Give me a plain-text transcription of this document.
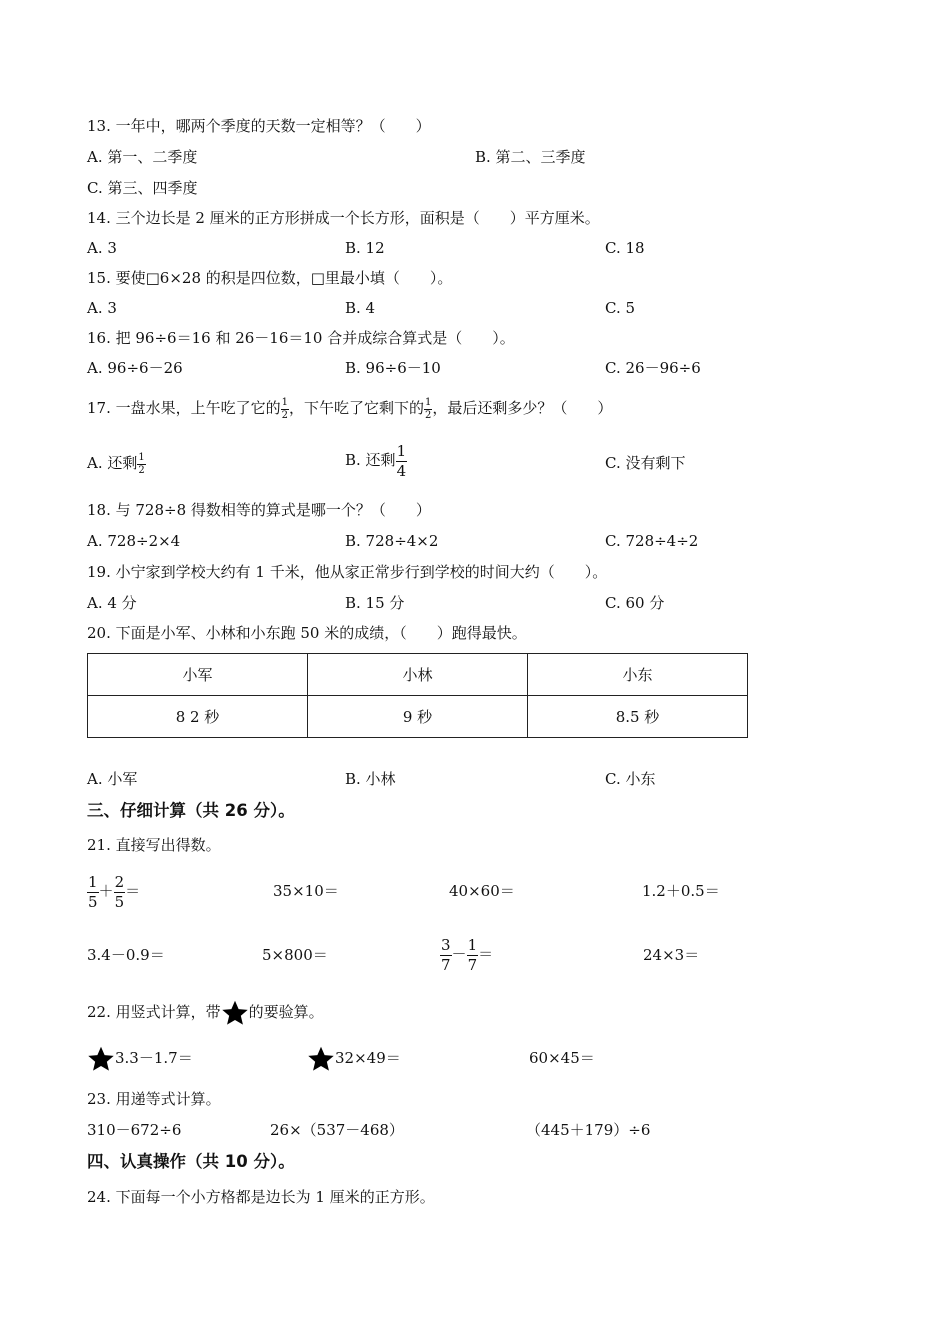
13. 一年中，哪两个季度的天数一定相等？（　　）
A. 第一、二季度	B. 第二、三季度
C. 第三、四季度
14. 三个边长是 2 厘米的正方形拼成一个长方形，面积是（　　）平方厘米。
A. 3	B. 12	C. 18
15. 要使□6×28 的积是四位数，□里最小填（　　）。
A. 3	B. 4	C. 5
16. 把 96÷6＝16 和 26－16＝10 合并成综合算式是（　　）。
A. 96÷6－26	B. 96÷6－10	C. 26－96÷6
17. 一盘水果，上午吃了它的 $\frac{1}{2}$ ，下午吃了它剩下的 $\frac{1}{2}$ ，最后还剩多少？（　　）
A. 还剩 $\frac{1}{2}$	B. 还剩 $\frac{1}{4}$	C. 没有剩下
18. 与 728÷8 得数相等的算式是哪一个？（　　）
A. 728÷2×4	B. 728÷4×2	C. 728÷4÷2
19. 小宁家到学校大约有 1 千米，他从家正常步行到学校的时间大约（　　）。
A. 4 分	B. 15 分	C. 60 分
20. 下面是小军、小林和小东跑 50 米的成绩，（　　）跑得最快。
小军	小林	小东
8 2 秒	9 秒	8.5 秒
A. 小军	B. 小林	C. 小东
三、仔细计算（共 26 分）。
21. 直接写出得数。
$\frac{1}{5} + \frac{2}{5}$ ＝	35×10＝	40×60＝	1.2＋0.5＝
3.4－0.9＝	5×800＝	$\frac{3}{7} - \frac{1}{7}$ ＝	24×3＝
22. 用竖式计算，带 的要验算。
3.3－1.7＝	32×49＝	60×45＝
23. 用递等式计算。
310－672÷6	26×（537－468）	（445＋179）÷6
四、认真操作（共 10 分）。
24. 下面每一个小方格都是边长为 1 厘米的正方形。
